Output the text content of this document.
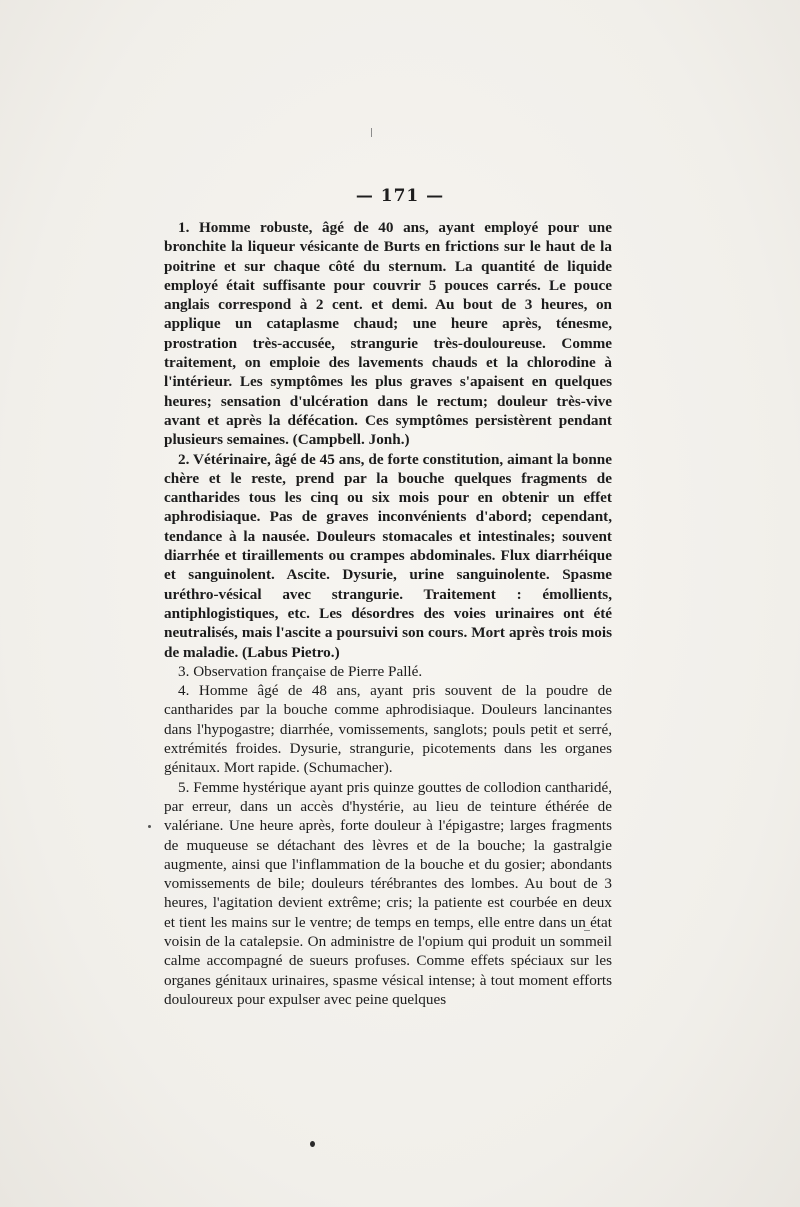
— 171 —

1. Homme robuste, âgé de 40 ans, ayant employé pour une bronchite la liqueur vésicante de Burts en frictions sur le haut de la poitrine et sur chaque côté du sternum. La quantité de liquide employé était suffisante pour couvrir 5 pouces carrés. Le pouce anglais correspond à 2 cent. et demi. Au bout de 3 heures, on applique un cataplasme chaud; une heure après, ténesme, prostration très-accusée, strangurie très-douloureuse. Comme traitement, on emploie des lavements chauds et la chlorodine à l'intérieur. Les symptômes les plus graves s'apaisent en quelques heures; sensation d'ulcération dans le rectum; douleur très-vive avant et après la défécation. Ces symptômes persistèrent pendant plusieurs semaines. (Campbell. Jonh.)

2. Vétérinaire, âgé de 45 ans, de forte constitution, aimant la bonne chère et le reste, prend par la bouche quelques fragments de cantharides tous les cinq ou six mois pour en obtenir un effet aphrodisiaque. Pas de graves inconvénients d'abord; cependant, tendance à la nausée. Douleurs stomacales et intestinales; souvent diarrhée et tiraillements ou crampes abdominales. Flux diarrhéique et sanguinolent. Ascite. Dysurie, urine sanguinolente. Spasme uréthro-vésical avec strangurie. Traitement : émollients, antiphlogistiques, etc. Les désordres des voies urinaires ont été neutralisés, mais l'ascite a poursuivi son cours. Mort après trois mois de maladie. (Labus Pietro.)

3. Observation française de Pierre Pallé.

4. Homme âgé de 48 ans, ayant pris souvent de la poudre de cantharides par la bouche comme aphrodisiaque. Douleurs lancinantes dans l'hypogastre; diarrhée, vomissements, sanglots; pouls petit et serré, extrémités froides. Dysurie, strangurie, picotements dans les organes génitaux. Mort rapide. (Schumacher).

5. Femme hystérique ayant pris quinze gouttes de collodion cantharidé, par erreur, dans un accès d'hystérie, au lieu de teinture éthérée de valériane. Une heure après, forte douleur à l'épigastre; larges fragments de muqueuse se détachant des lèvres et de la bouche; la gastralgie augmente, ainsi que l'inflammation de la bouche et du gosier; abondants vomissements de bile; douleurs térébrantes des lombes. Au bout de 3 heures, l'agitation devient extrême; cris; la patiente est courbée en deux et tient les mains sur le ventre; de temps en temps, elle entre dans un état voisin de la catalepsie. On administre de l'opium qui produit un sommeil calme accompagné de sueurs profuses. Comme effets spéciaux sur les organes génitaux urinaires, spasme vésical intense; à tout moment efforts douloureux pour expulser avec peine quelques
